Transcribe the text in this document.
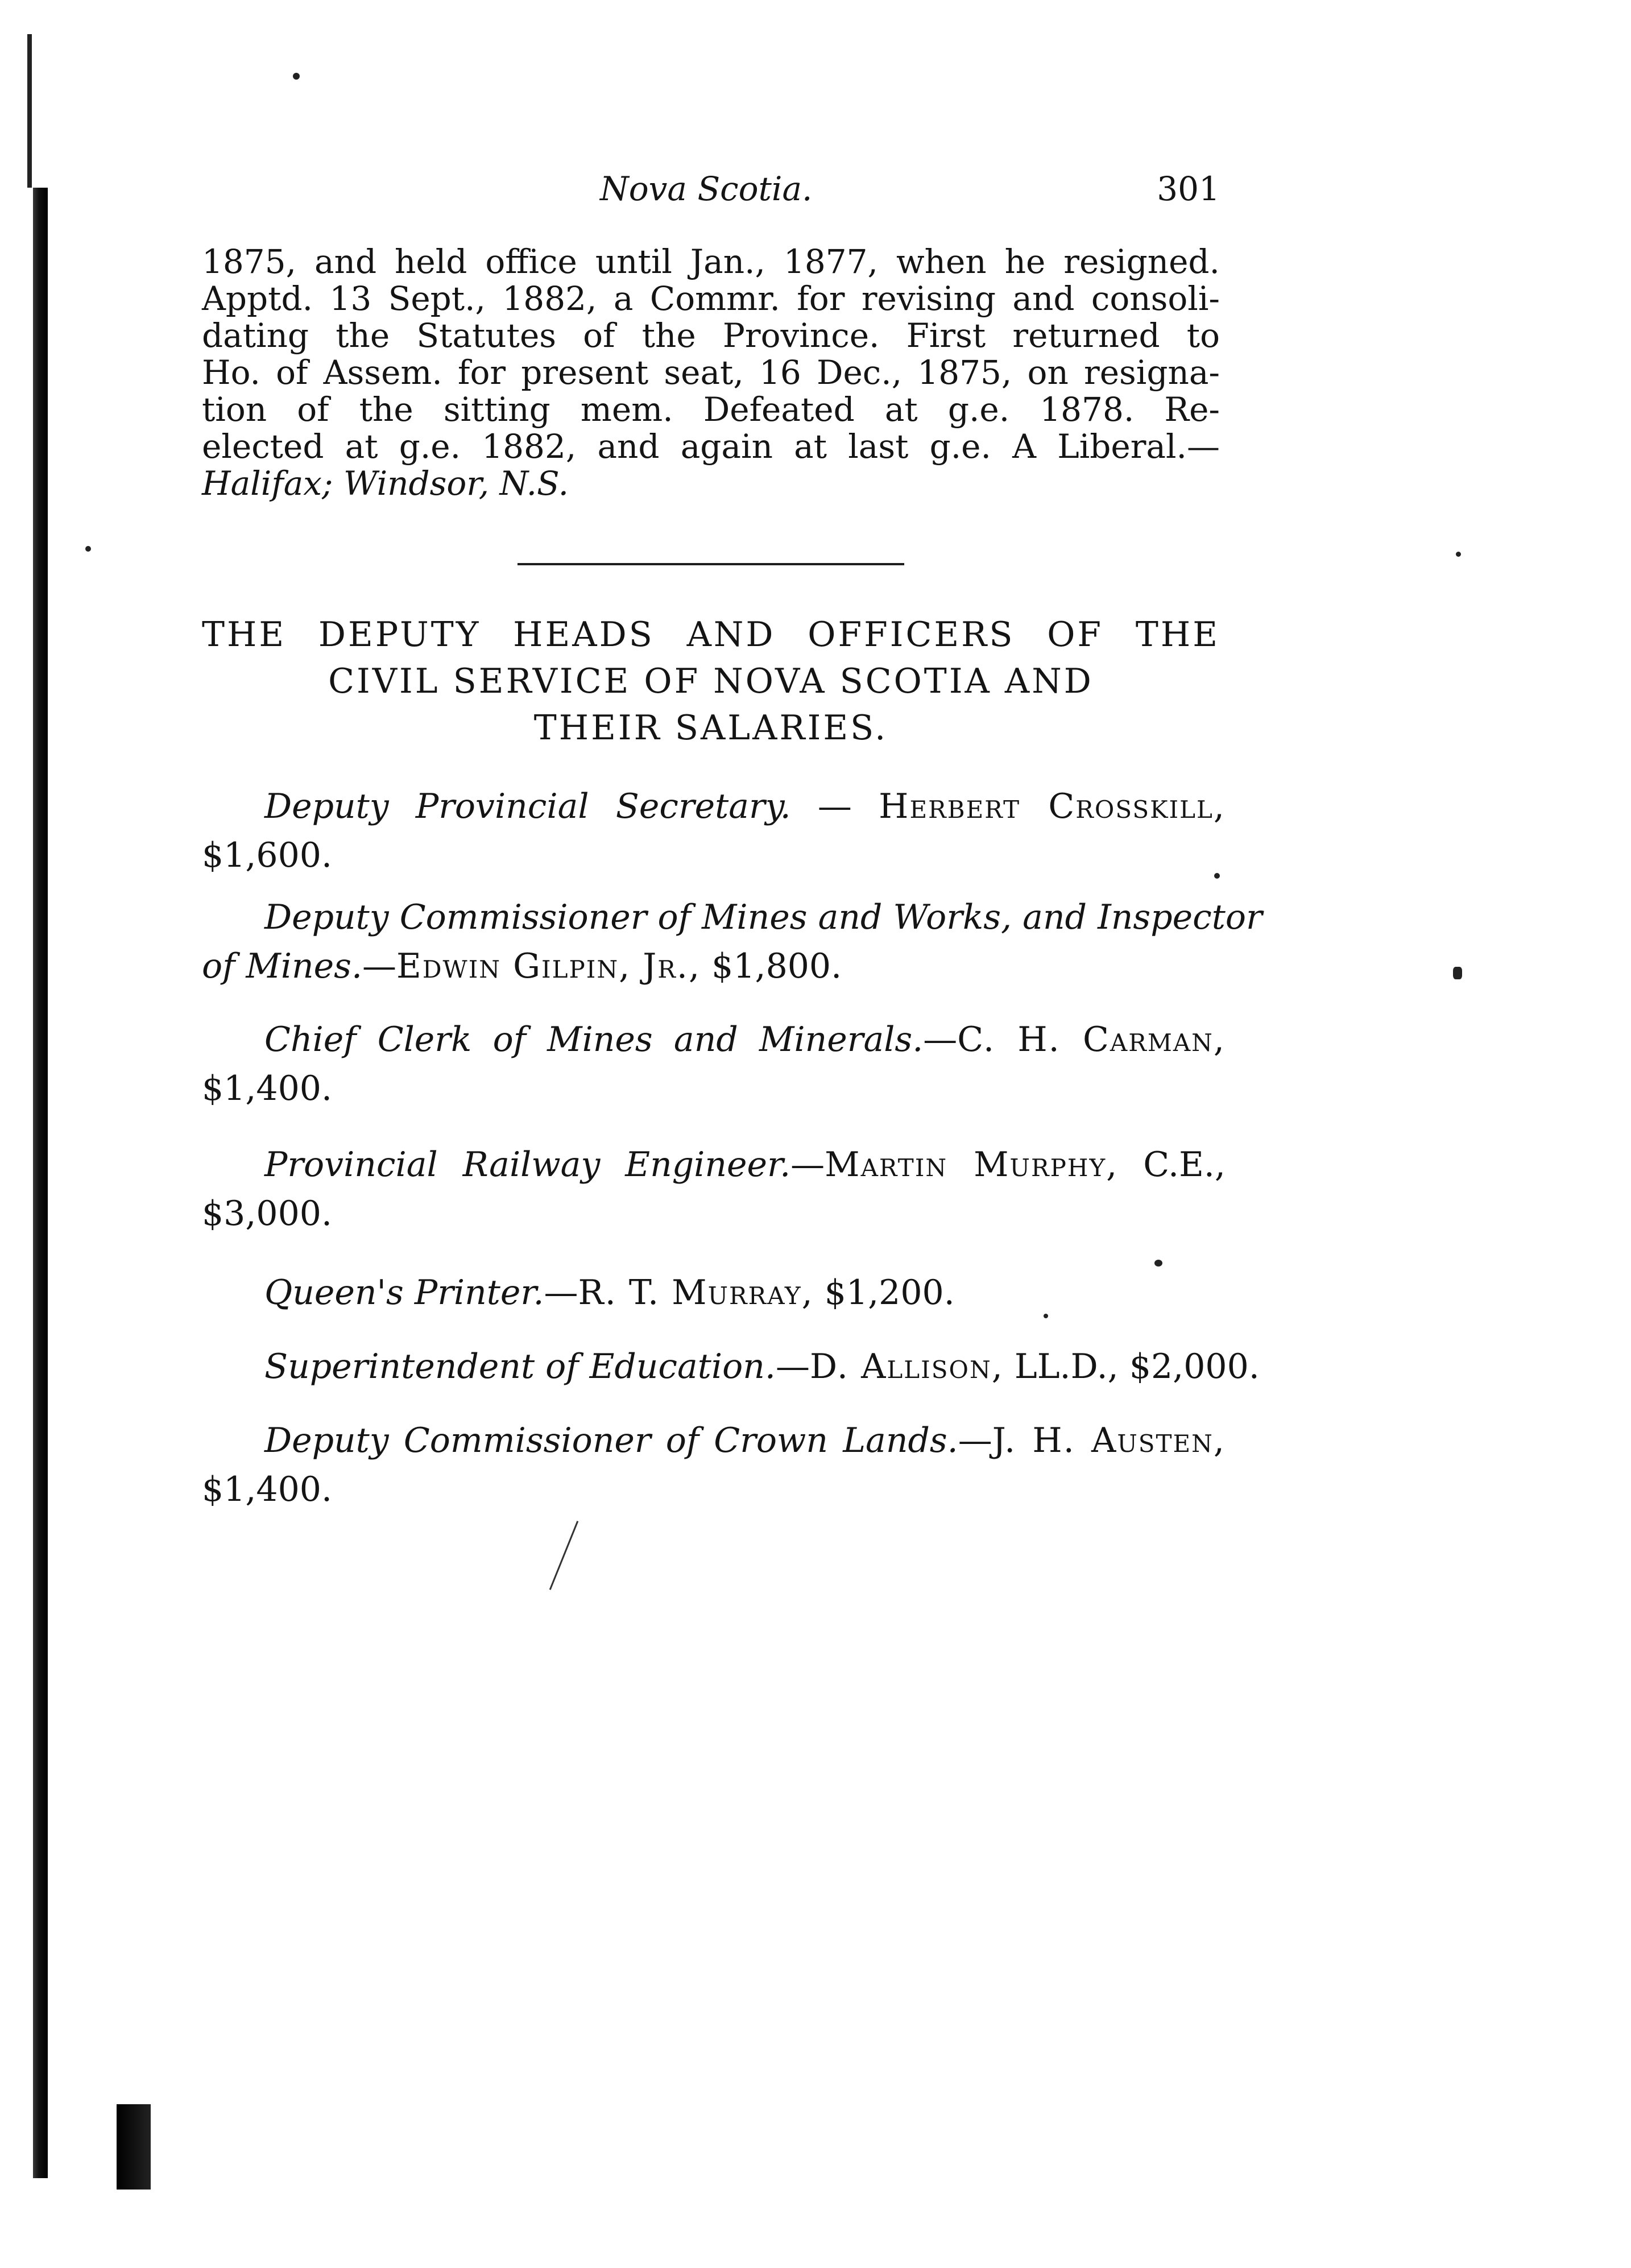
Nova Scotia.	301

1875, and held office until Jan., 1877, when he resigned.
Apptd. 13 Sept., 1882, a Commr. for revising and consoli-
dating the Statutes of the Province. First returned to
Ho. of Assem. for present seat, 16 Dec., 1875, on resigna-
tion of the sitting mem. Defeated at g.e. 1878. Re-
elected at g.e. 1882, and again at last g.e. A Liberal.—
Halifax; Windsor, N.S.

THE DEPUTY HEADS AND OFFICERS OF THE
CIVIL SERVICE OF NOVA SCOTIA AND
THEIR SALARIES.

Deputy Provincial Secretary. — Herbert Crosskill,
$1,600.

Deputy Commissioner of Mines and Works, and Inspector
of Mines.—Edwin Gilpin, Jr., $1,800.

Chief Clerk of Mines and Minerals.—C. H. Carman,
$1,400.

Provincial Railway Engineer.—Martin Murphy, C.E.,
$3,000.

Queen's Printer.—R. T. Murray, $1,200.

Superintendent of Education.—D. Allison, LL.D., $2,000.

Deputy Commissioner of Crown Lands.—J. H. Austen,
$1,400.
